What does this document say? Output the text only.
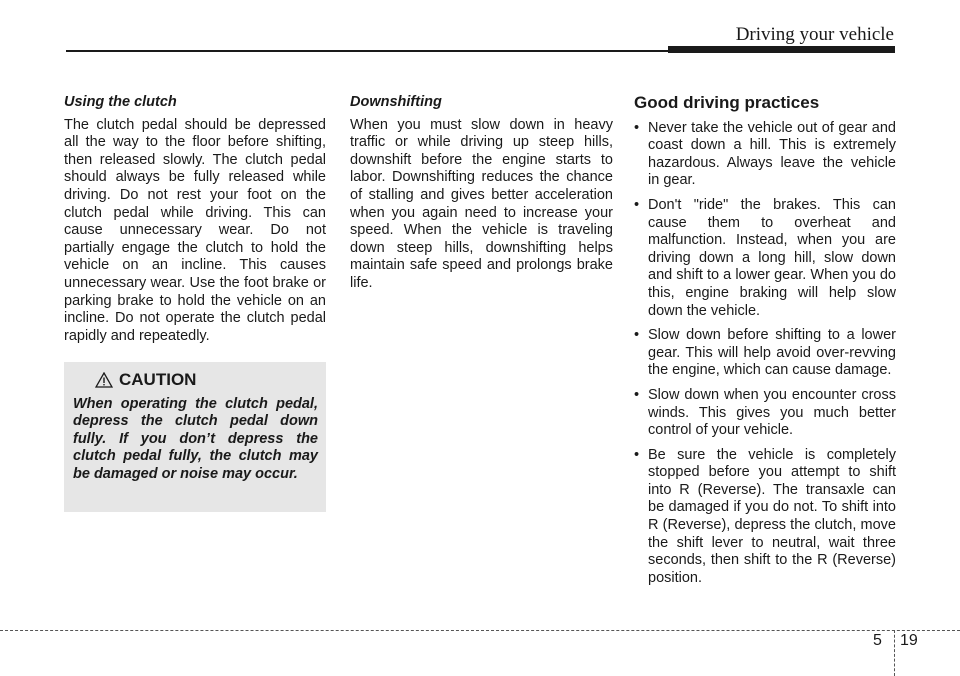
Driving your vehicle

Using the clutch

The clutch pedal should be depressed all the way to the floor before shifting, then released slowly. The clutch pedal should always be fully released while driving. Do not rest your foot on the clutch pedal while driving. This can cause unnecessary wear. Do not partially engage the clutch to hold the vehicle on an incline. This causes unnecessary wear. Use the foot brake or parking brake to hold the vehicle on an incline. Do not operate the clutch pedal rapidly and repeatedly.

CAUTION

When operating the clutch pedal, depress the clutch pedal down fully. If you don’t depress the clutch pedal fully, the clutch may be damaged or noise may occur.

Downshifting

When you must slow down in heavy traffic or while driving up steep hills, downshift before the engine starts to labor. Downshifting reduces the chance of stalling and gives better acceleration when you again need to increase your speed. When the vehicle is traveling down steep hills, downshifting helps maintain safe speed and prolongs brake life.

Good driving practices

• Never take the vehicle out of gear and coast down a hill. This is extremely hazardous. Always leave the vehicle in gear.
• Don't "ride" the brakes. This can cause them to overheat and malfunction. Instead, when you are driving down a long hill, slow down and shift to a lower gear. When you do this, engine braking will help slow down the vehicle.
• Slow down before shifting to a lower gear. This will help avoid over-revving the engine, which can cause damage.
• Slow down when you encounter cross winds. This gives you much better control of your vehicle.
• Be sure the vehicle is completely stopped before you attempt to shift into R (Reverse). The transaxle can be damaged if you do not. To shift into R (Reverse), depress the clutch, move the shift lever to neutral, wait three seconds, then shift to the R (Reverse) position.
5 19
